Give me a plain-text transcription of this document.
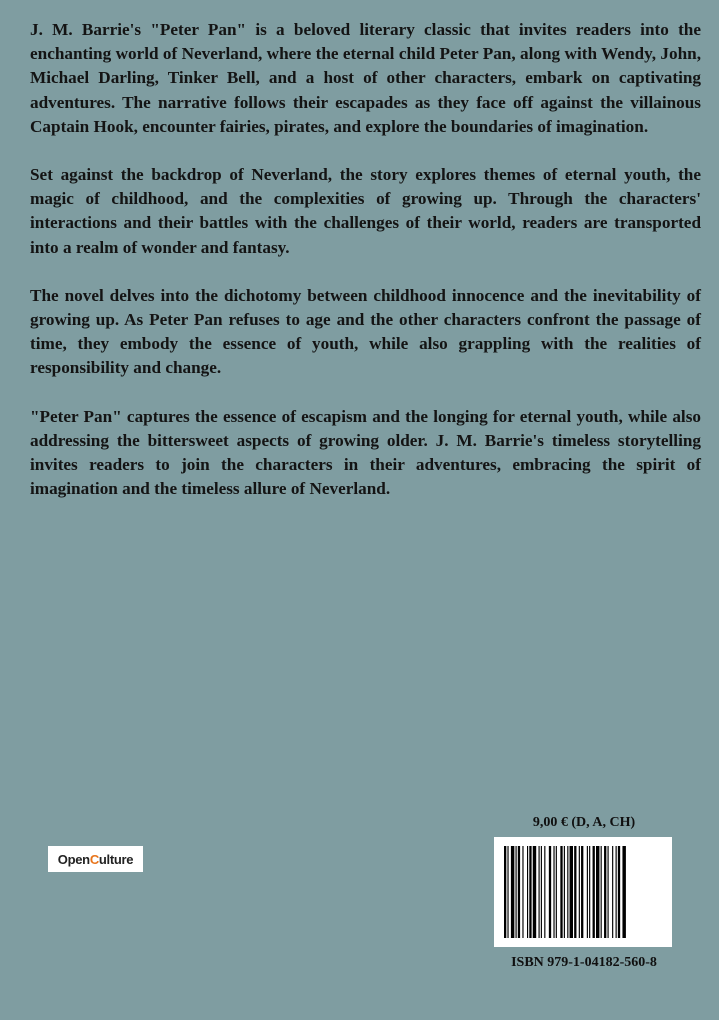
J. M. Barrie's "Peter Pan" is a beloved literary classic that invites readers into the enchanting world of Neverland, where the eternal child Peter Pan, along with Wendy, John, Michael Darling, Tinker Bell, and a host of other characters, embark on captivating adventures. The narrative follows their escapades as they face off against the villainous Captain Hook, encounter fairies, pirates, and explore the boundaries of imagination.

Set against the backdrop of Neverland, the story explores themes of eternal youth, the magic of childhood, and the complexities of growing up. Through the characters' interactions and their battles with the challenges of their world, readers are transported into a realm of wonder and fantasy.

The novel delves into the dichotomy between childhood innocence and the inevitability of growing up. As Peter Pan refuses to age and the other characters confront the passage of time, they embody the essence of youth, while also grappling with the realities of responsibility and change.

"Peter Pan" captures the essence of escapism and the longing for eternal youth, while also addressing the bittersweet aspects of growing older. J. M. Barrie's timeless storytelling invites readers to join the characters in their adventures, embracing the spirit of imagination and the timeless allure of Neverland.

OpenCulture
9,00 € (D, A, CH)
ISBN 979-1-04182-560-8
